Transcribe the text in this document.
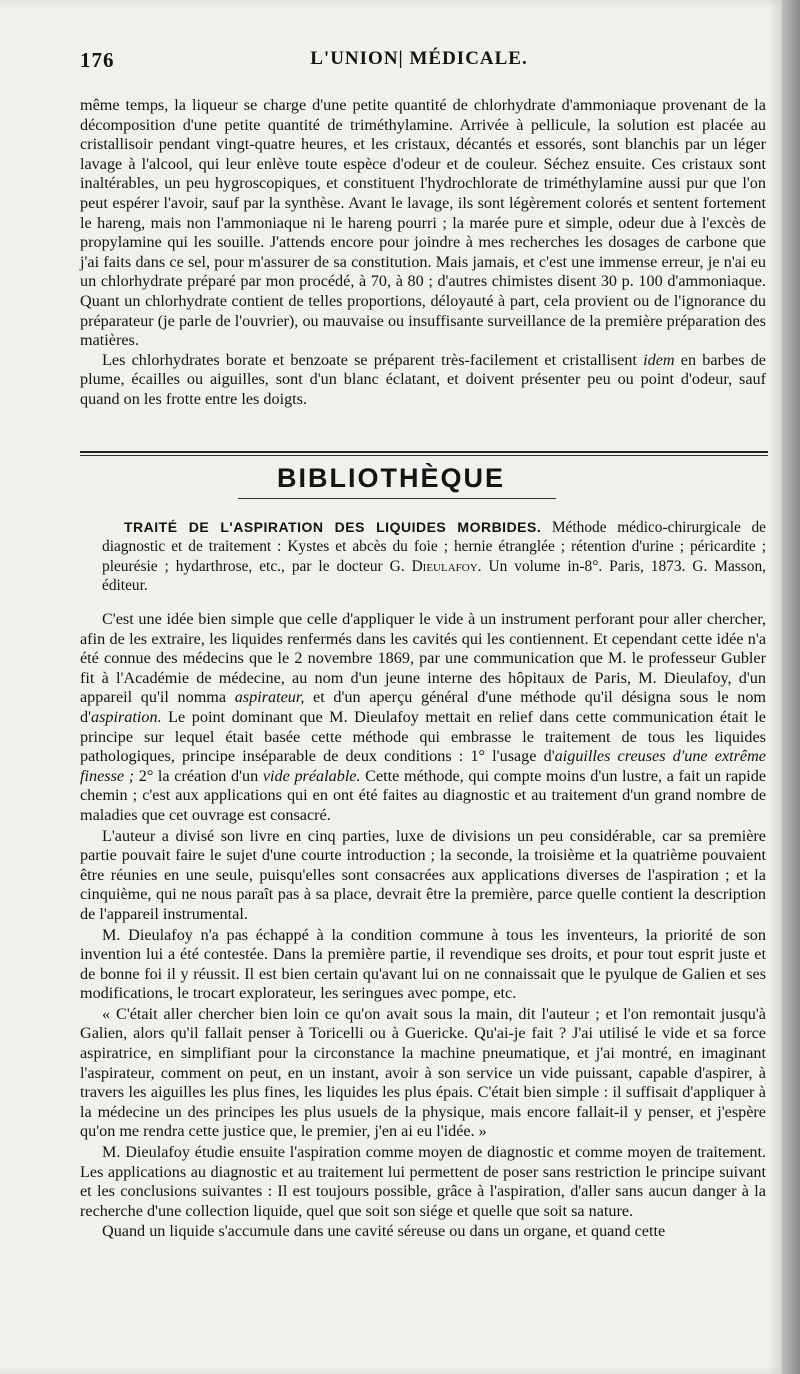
176	L'UNION| MÉDICALE.

même temps, la liqueur se charge d'une petite quantité de chlorhydrate d'ammoniaque provenant de la décomposition d'une petite quantité de triméthylamine. Arrivée à pellicule, la solution est placée au cristallisoir pendant vingt-quatre heures, et les cristaux, décantés et essorés, sont blanchis par un léger lavage à l'alcool, qui leur enlève toute espèce d'odeur et de couleur. Séchez ensuite. Ces cristaux sont inaltérables, un peu hygroscopiques, et constituent l'hydrochlorate de triméthylamine aussi pur que l'on peut espérer l'avoir, sauf par la synthèse. Avant le lavage, ils sont légèrement colorés et sentent fortement le hareng, mais non l'ammoniaque ni le hareng pourri ; la marée pure et simple, odeur due à l'excès de propylamine qui les souille. J'attends encore pour joindre à mes recherches les dosages de carbone que j'ai faits dans ce sel, pour m'assurer de sa constitution. Mais jamais, et c'est une immense erreur, je n'ai eu un chlorhydrate préparé par mon procédé, à 70, à 80 ; d'autres chimistes disent 30 p. 100 d'ammoniaque. Quant un chlorhydrate contient de telles proportions, déloyauté à part, cela provient ou de l'ignorance du préparateur (je parle de l'ouvrier), ou mauvaise ou insuffisante surveillance de la première préparation des matières.

Les chlorhydrates borate et benzoate se préparent très-facilement et cristallisent idem en barbes de plume, écailles ou aiguilles, sont d'un blanc éclatant, et doivent présenter peu ou point d'odeur, sauf quand on les frotte entre les doigts.

BIBLIOTHÈQUE

TRAITÉ DE L'ASPIRATION DES LIQUIDES MORBIDES. Méthode médico-chirurgicale de diagnostic et de traitement : Kystes et abcès du foie ; hernie étranglée ; rétention d'urine ; péricardite ; pleurésie ; hydarthrose, etc., par le docteur G. Dieulafoy. Un volume in-8°. Paris, 1873. G. Masson, éditeur.

C'est une idée bien simple que celle d'appliquer le vide à un instrument perforant pour aller chercher, afin de les extraire, les liquides renfermés dans les cavités qui les contiennent. Et cependant cette idée n'a été connue des médecins que le 2 novembre 1869, par une communication que M. le professeur Gubler fit à l'Académie de médecine, au nom d'un jeune interne des hôpitaux de Paris, M. Dieulafoy, d'un appareil qu'il nomma aspirateur, et d'un aperçu général d'une méthode qu'il désigna sous le nom d'aspiration. Le point dominant que M. Dieulafoy mettait en relief dans cette communication était le principe sur lequel était basée cette méthode qui embrasse le traitement de tous les liquides pathologiques, principe inséparable de deux conditions : 1° l'usage d'aiguilles creuses d'une extrême finesse ; 2° la création d'un vide préalable. Cette méthode, qui compte moins d'un lustre, a fait un rapide chemin ; c'est aux applications qui en ont été faites au diagnostic et au traitement d'un grand nombre de maladies que cet ouvrage est consacré.

L'auteur a divisé son livre en cinq parties, luxe de divisions un peu considérable, car sa première partie pouvait faire le sujet d'une courte introduction ; la seconde, la troisième et la quatrième pouvaient être réunies en une seule, puisqu'elles sont consacrées aux applications diverses de l'aspiration ; et la cinquième, qui ne nous paraît pas à sa place, devrait être la première, parce quelle contient la description de l'appareil instrumental.

M. Dieulafoy n'a pas échappé à la condition commune à tous les inventeurs, la priorité de son invention lui a été contestée. Dans la première partie, il revendique ses droits, et pour tout esprit juste et de bonne foi il y réussit. Il est bien certain qu'avant lui on ne connaissait que le pyulque de Galien et ses modifications, le trocart explorateur, les seringues avec pompe, etc.

« C'était aller chercher bien loin ce qu'on avait sous la main, dit l'auteur ; et l'on remontait jusqu'à Galien, alors qu'il fallait penser à Toricelli ou à Guericke. Qu'ai-je fait ? J'ai utilisé le vide et sa force aspiratrice, en simplifiant pour la circonstance la machine pneumatique, et j'ai montré, en imaginant l'aspirateur, comment on peut, en un instant, avoir à son service un vide puissant, capable d'aspirer, à travers les aiguilles les plus fines, les liquides les plus épais. C'était bien simple : il suffisait d'appliquer à la médecine un des principes les plus usuels de la physique, mais encore fallait-il y penser, et j'espère qu'on me rendra cette justice que, le premier, j'en ai eu l'idée. »

M. Dieulafoy étudie ensuite l'aspiration comme moyen de diagnostic et comme moyen de traitement. Les applications au diagnostic et au traitement lui permettent de poser sans restriction le principe suivant et les conclusions suivantes : Il est toujours possible, grâce à l'aspiration, d'aller sans aucun danger à la recherche d'une collection liquide, quel que soit son siége et quelle que soit sa nature.

Quand un liquide s'accumule dans une cavité séreuse ou dans un organe, et quand cette
